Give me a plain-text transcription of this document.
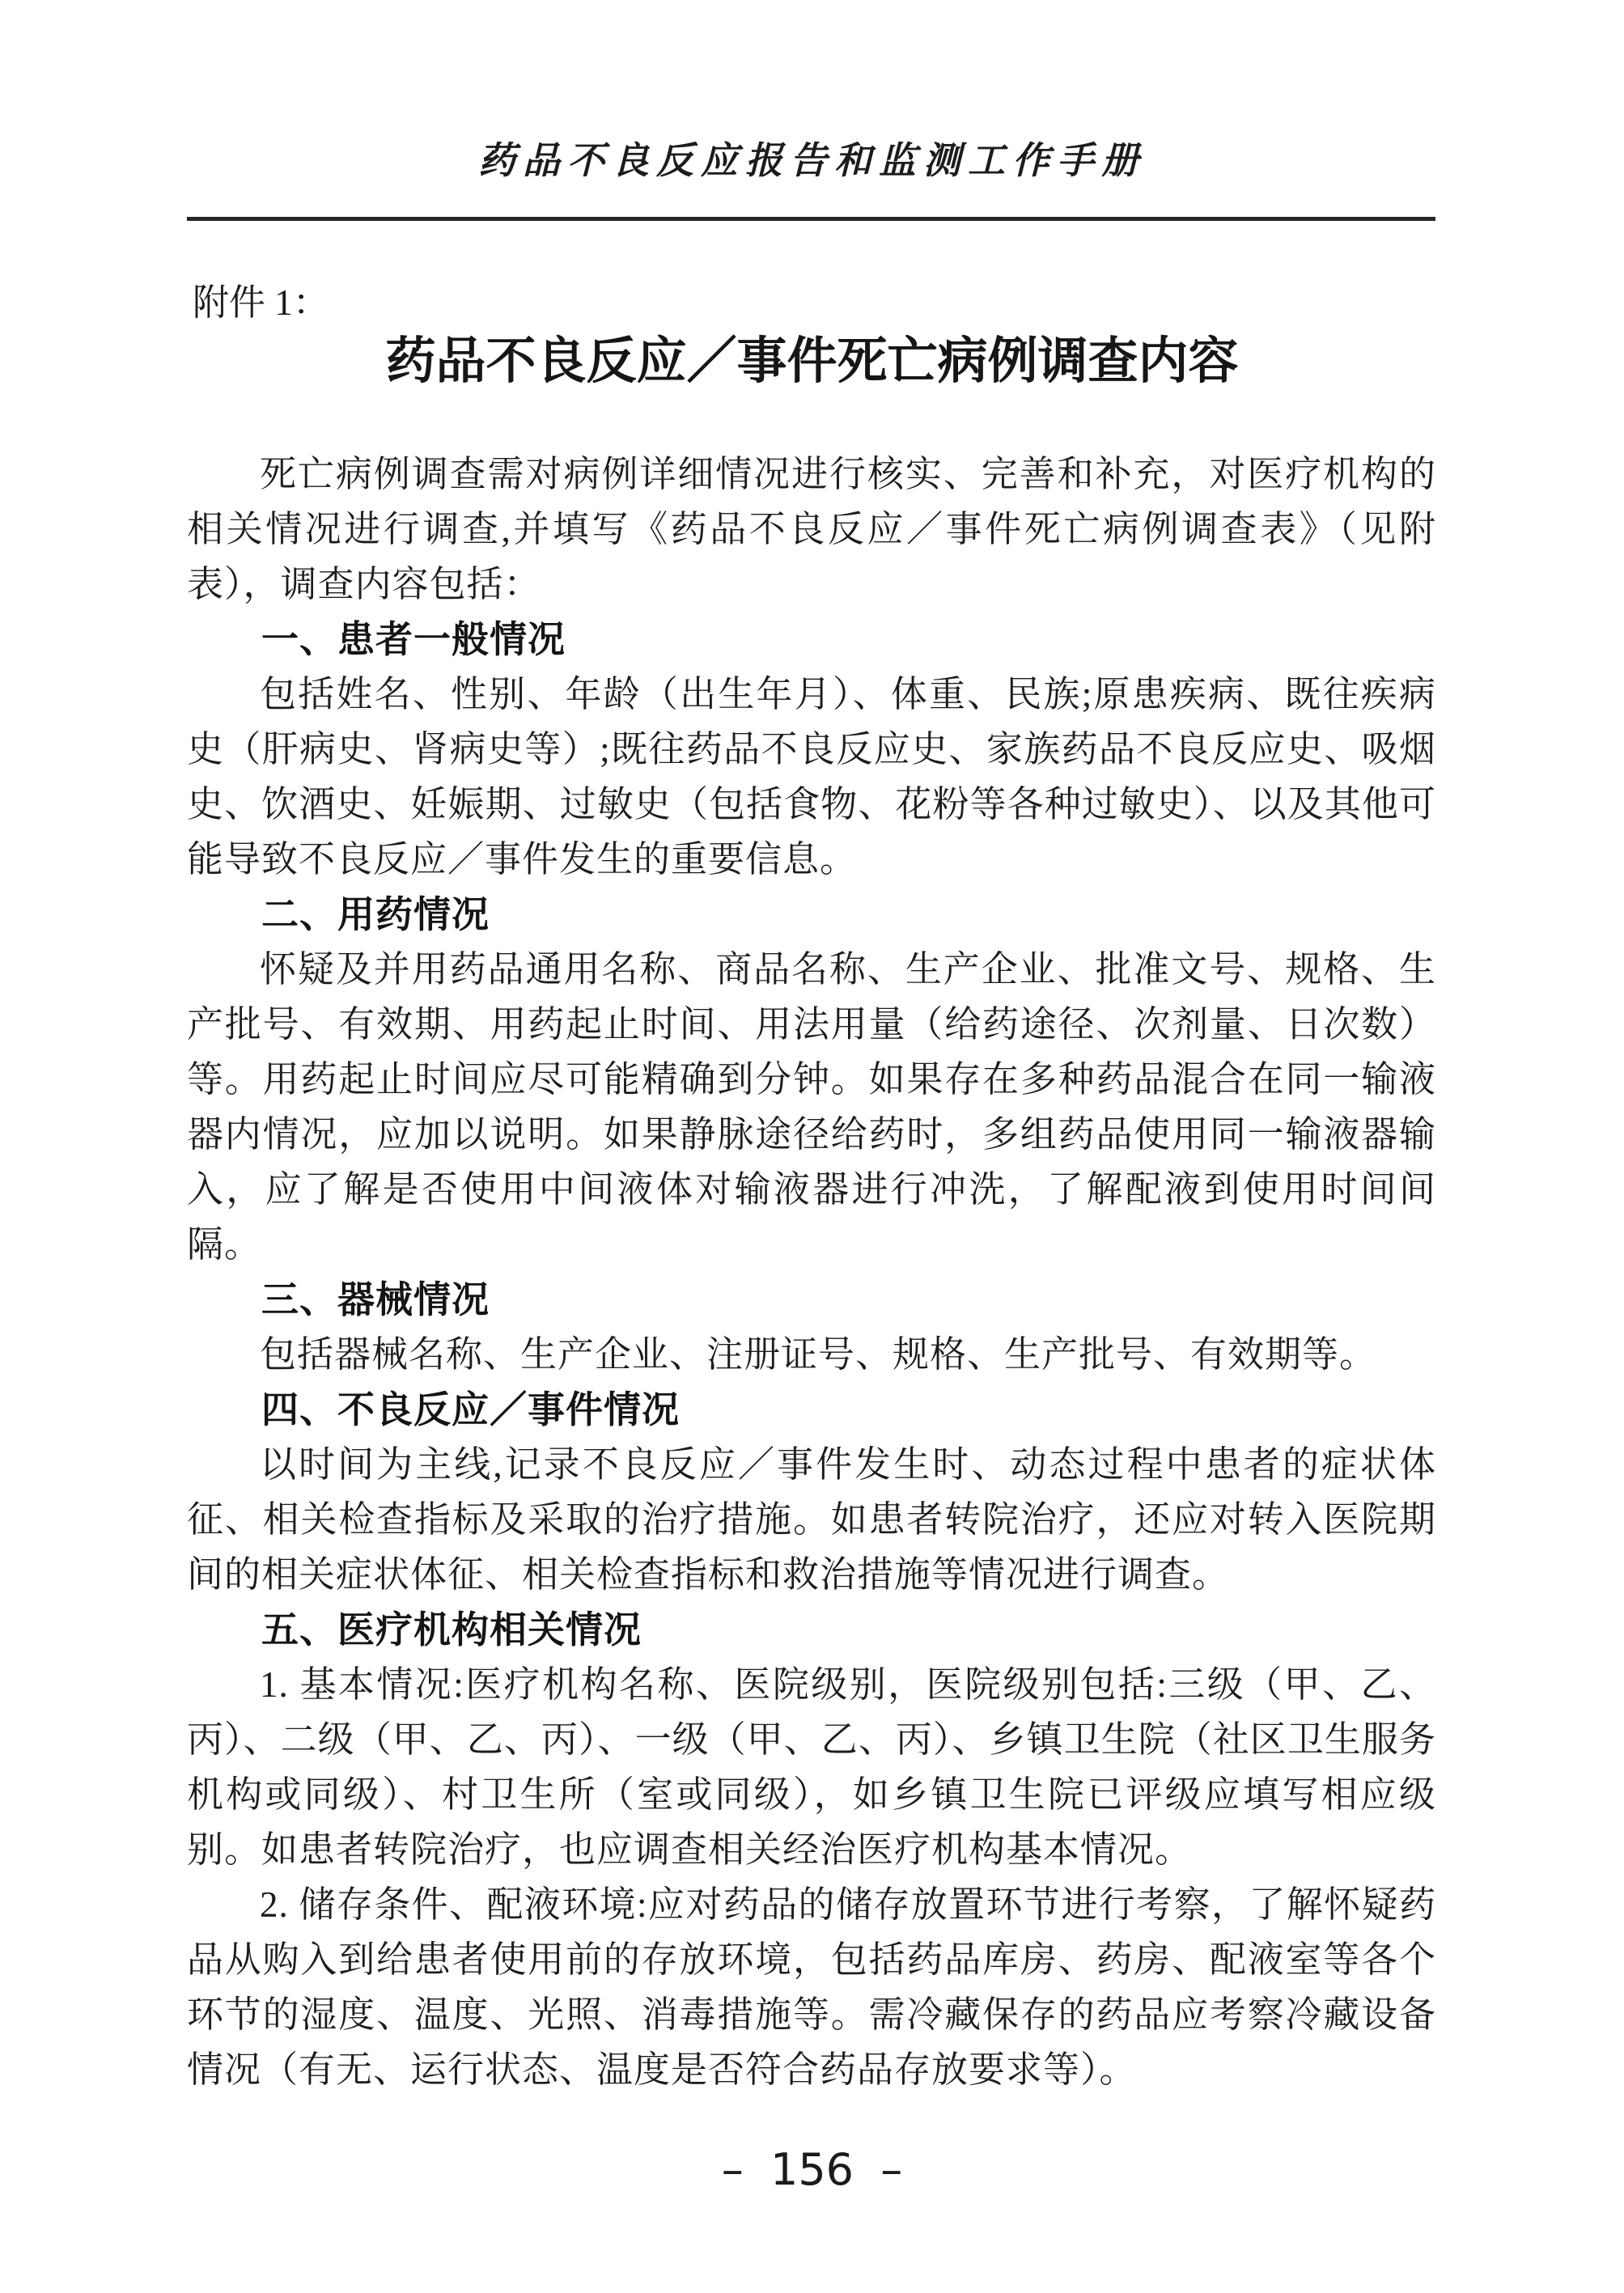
药品不良反应报告和监测工作手册
附件 1：
药品不良反应／事件死亡病例调查内容

死亡病例调查需对病例详细情况进行核实、完善和补充，对医疗机构的相关情况进行调查,并填写《药品不良反应／事件死亡病例调查表》（见附表），调查内容包括：

一、患者一般情况

包括姓名、性别、年龄（出生年月）、体重、民族;原患疾病、既往疾病史（肝病史、肾病史等）;既往药品不良反应史、家族药品不良反应史、吸烟史、饮酒史、妊娠期、过敏史（包括食物、花粉等各种过敏史）、以及其他可能导致不良反应／事件发生的重要信息。

二、用药情况

怀疑及并用药品通用名称、商品名称、生产企业、批准文号、规格、生产批号、有效期、用药起止时间、用法用量（给药途径、次剂量、日次数）等。用药起止时间应尽可能精确到分钟。如果存在多种药品混合在同一输液器内情况，应加以说明。如果静脉途径给药时，多组药品使用同一输液器输入，应了解是否使用中间液体对输液器进行冲洗，了解配液到使用时间间隔。

三、器械情况

包括器械名称、生产企业、注册证号、规格、生产批号、有效期等。

四、不良反应／事件情况

以时间为主线,记录不良反应／事件发生时、动态过程中患者的症状体征、相关检查指标及采取的治疗措施。如患者转院治疗，还应对转入医院期间的相关症状体征、相关检查指标和救治措施等情况进行调查。

五、医疗机构相关情况

1. 基本情况:医疗机构名称、医院级别，医院级别包括:三级（甲、乙、丙）、二级（甲、乙、丙）、一级（甲、乙、丙）、乡镇卫生院（社区卫生服务机构或同级）、村卫生所（室或同级），如乡镇卫生院已评级应填写相应级别。如患者转院治疗，也应调查相关经治医疗机构基本情况。

2. 储存条件、配液环境:应对药品的储存放置环节进行考察，了解怀疑药品从购入到给患者使用前的存放环境，包括药品库房、药房、配液室等各个环节的湿度、温度、光照、消毒措施等。需冷藏保存的药品应考察冷藏设备情况（有无、运行状态、温度是否符合药品存放要求等）。

– 156 –
